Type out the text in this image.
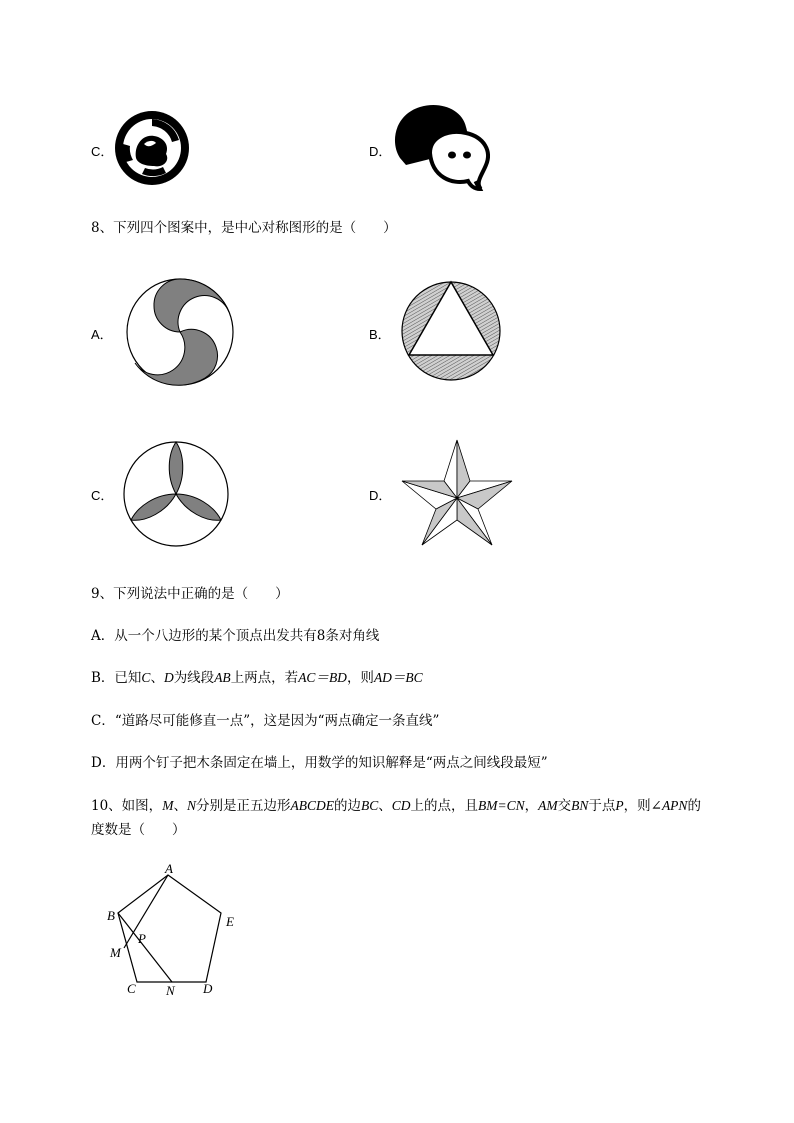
C．	D．
8、下列四个图案中，是中心对称图形的是（　　）
A．	B．
C．	D．
9、下列说法中正确的是（　　）
A．从一个八边形的某个顶点出发共有8条对角线
B．已知C、D为线段AB上两点，若AC＝BD，则AD＝BC
C．“道路尽可能修直一点”，这是因为“两点确定一条直线”
D．用两个钉子把木条固定在墙上，用数学的知识解释是“两点之间线段最短”
10、如图，M、N分别是正五边形ABCDE的边BC、CD上的点，且BM=CN，AM交BN于点P，则∠APN的
度数是（　　）
A
B
C	D
E
M
N
P
